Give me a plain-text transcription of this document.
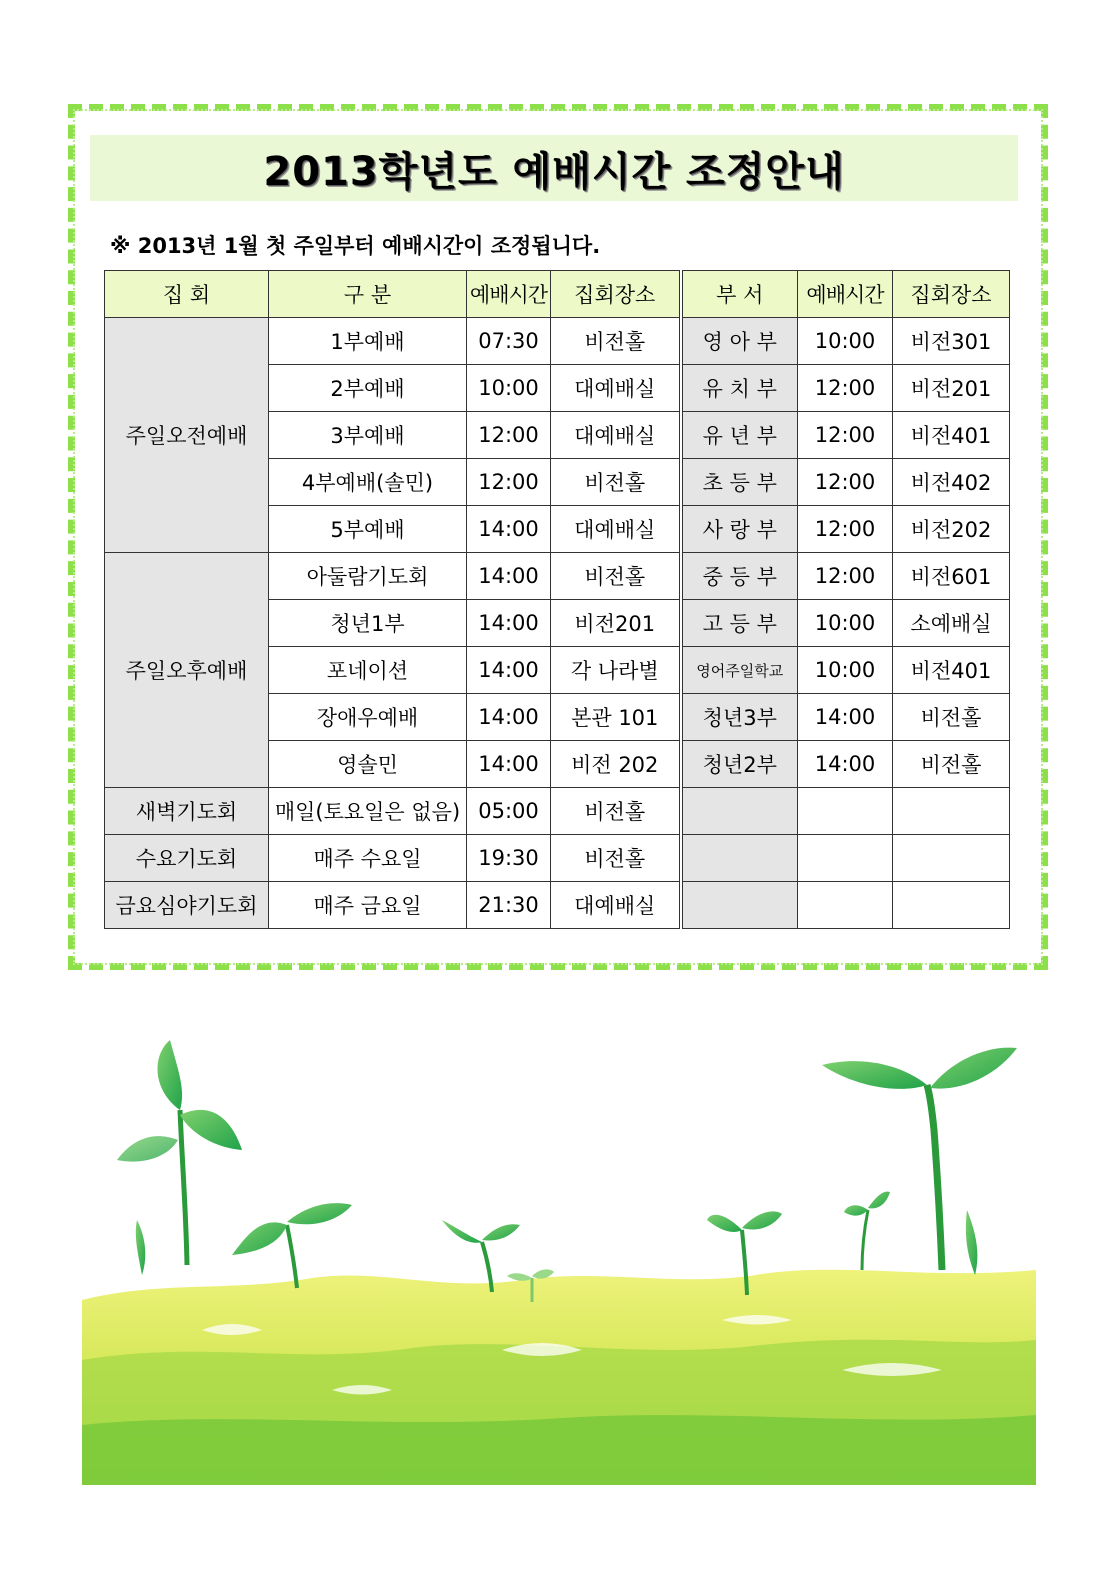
2013학년도 예배시간 조정안내
※ 2013년 1월 첫 주일부터 예배시간이 조정됩니다.
집 회	구 분	예배시간	집회장소	부 서	예배시간	집회장소
주일오전예배	1부예배	07:30	비전홀	영 아 부	10:00	비전301
	2부예배	10:00	대예배실	유 치 부	12:00	비전201
	3부예배	12:00	대예배실	유 년 부	12:00	비전401
	4부예배(솔민)	12:00	비전홀	초 등 부	12:00	비전402
	5부예배	14:00	대예배실	사 랑 부	12:00	비전202
주일오후예배	아둘람기도회	14:00	비전홀	중 등 부	12:00	비전601
	청년1부	14:00	비전201	고 등 부	10:00	소예배실
	포네이션	14:00	각 나라별	영어주일학교	10:00	비전401
	장애우예배	14:00	본관 101	청년3부	14:00	비전홀
	영솔민	14:00	비전 202	청년2부	14:00	비전홀
새벽기도회	매일(토요일은 없음)	05:00	비전홀			
수요기도회	매주 수요일	19:30	비전홀			
금요심야기도회	매주 금요일	21:30	대예배실			
